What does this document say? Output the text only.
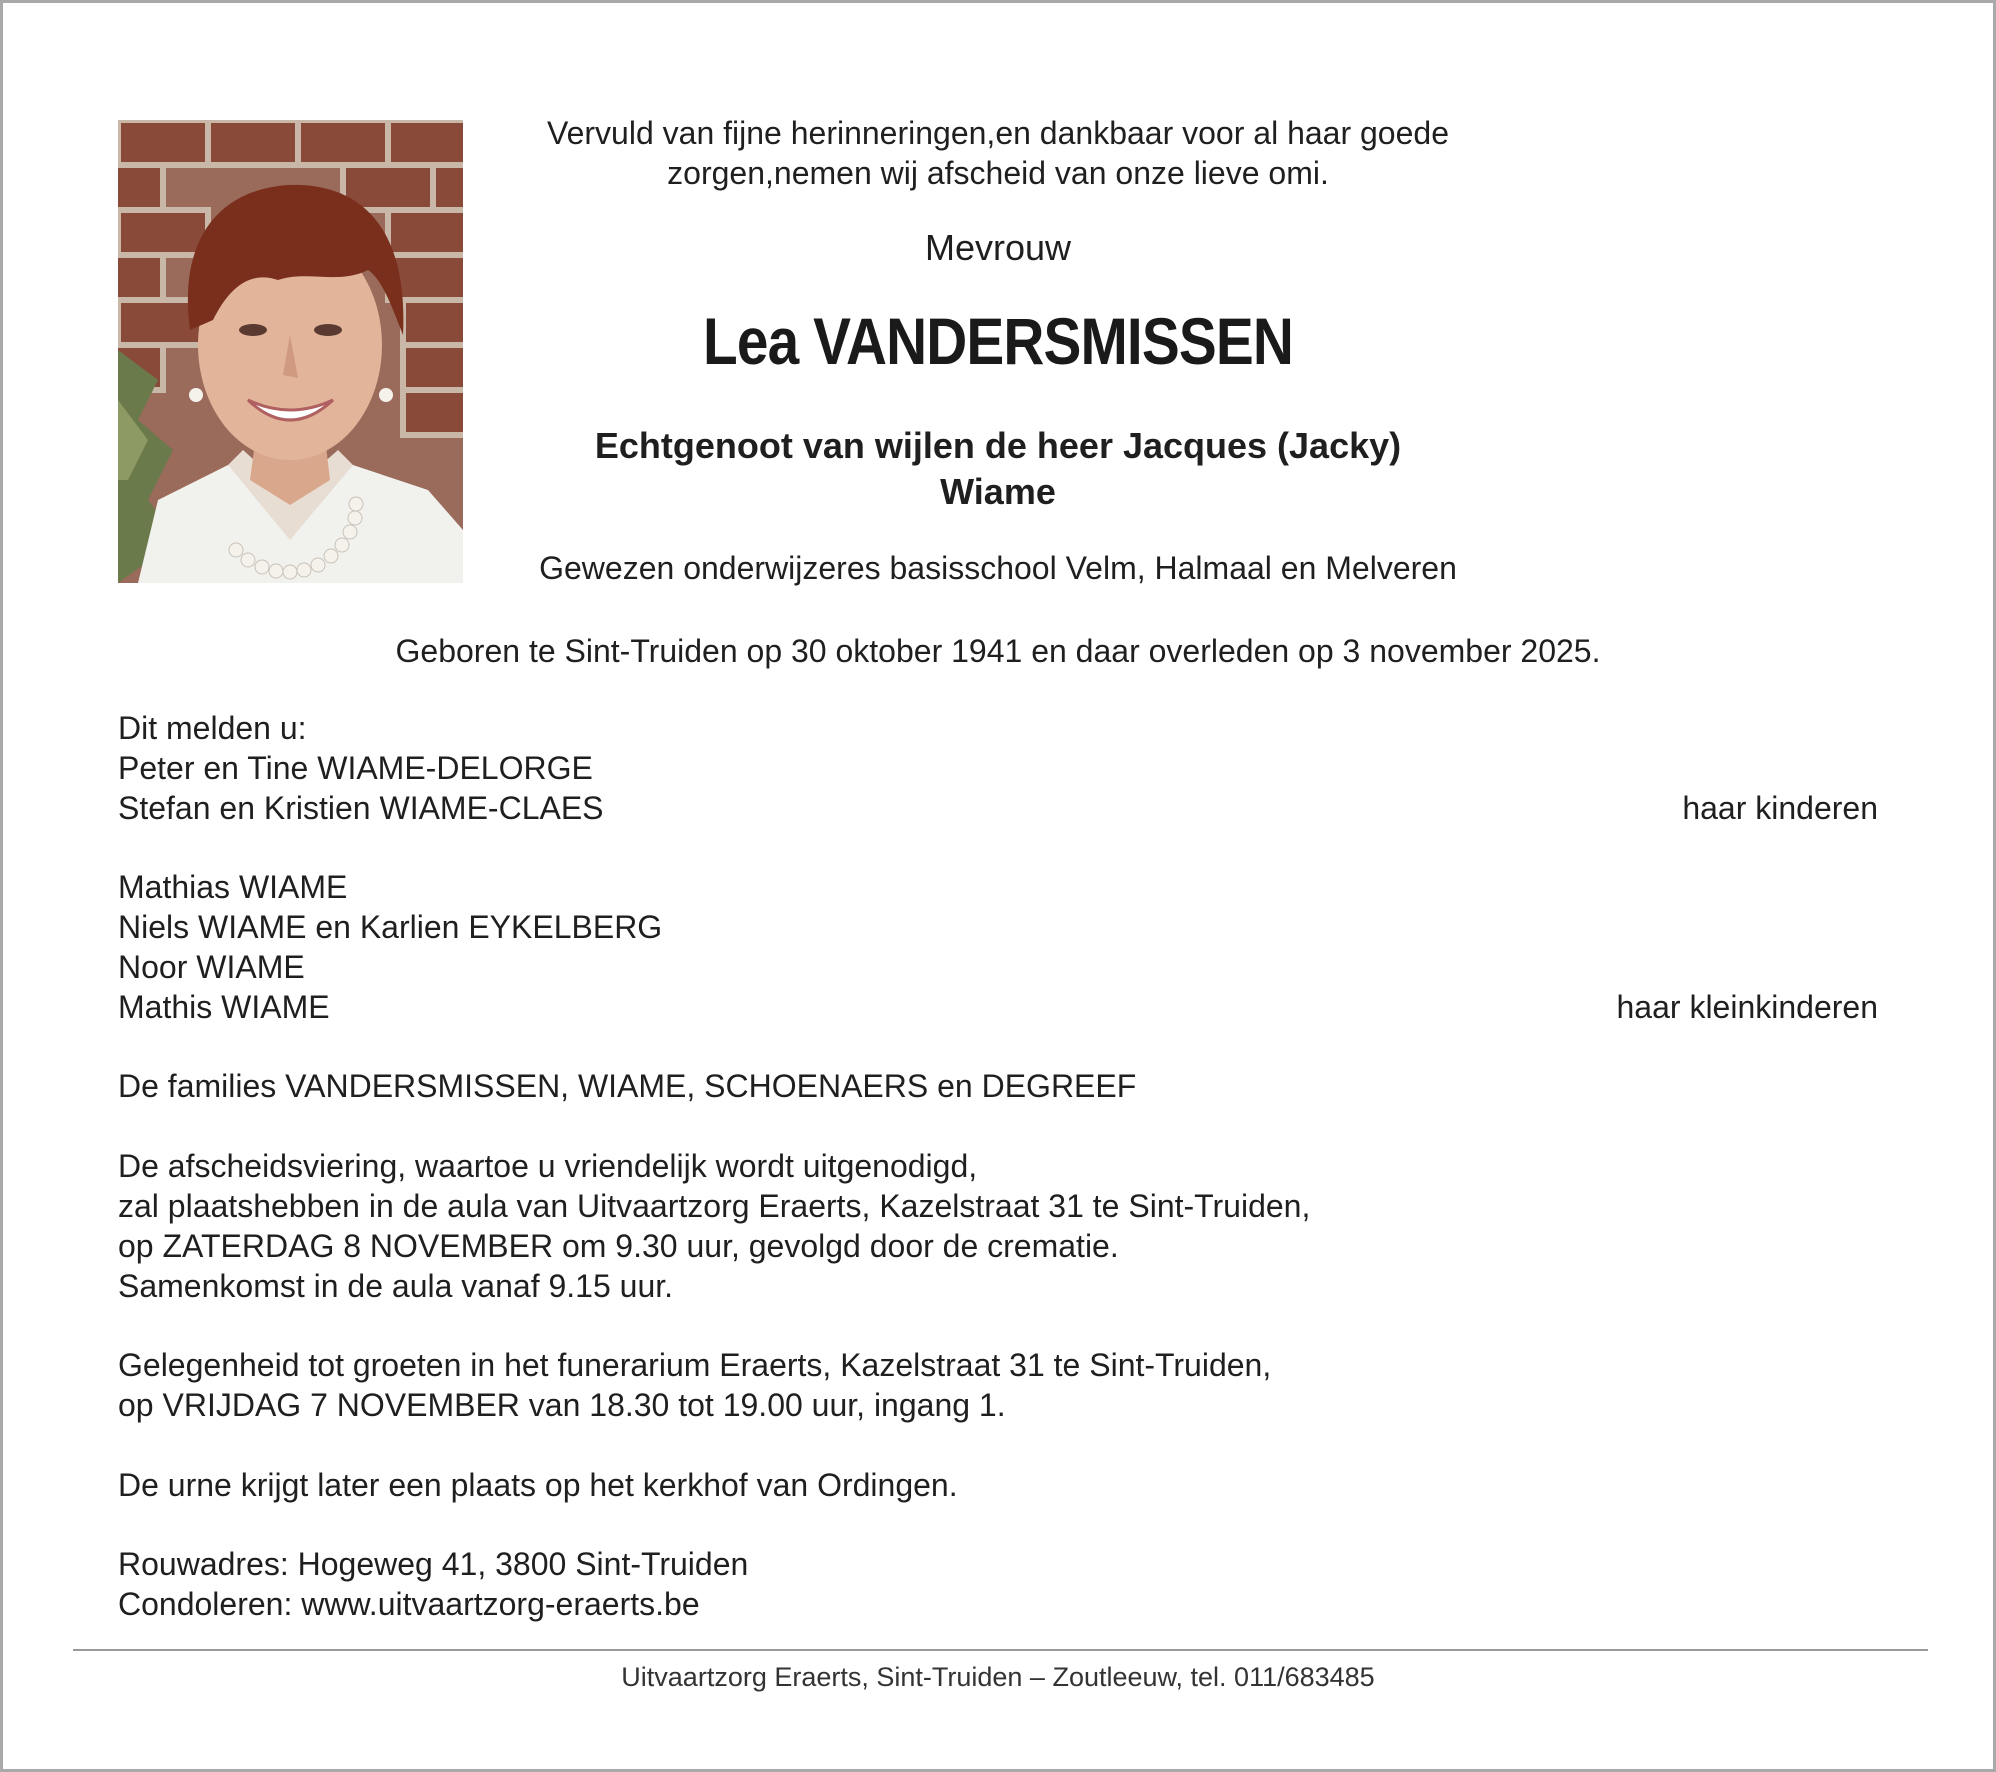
Vervuld van fijne herinneringen,en dankbaar voor al haar goede
zorgen,nemen wij afscheid van onze lieve omi.
Mevrouw
Lea VANDERSMISSEN
Echtgenoot van wijlen de heer Jacques (Jacky)
Wiame
Gewezen onderwijzeres basisschool Velm, Halmaal en Melveren
Geboren te Sint-Truiden op 30 oktober 1941 en daar overleden op 3 november 2025.
Dit melden u:
Peter en Tine WIAME-DELORGE
Stefan en Kristien WIAME-CLAES	haar kinderen
Mathias WIAME
Niels WIAME en Karlien EYKELBERG
Noor WIAME
Mathis WIAME	haar kleinkinderen
De families VANDERSMISSEN, WIAME, SCHOENAERS en DEGREEF
De afscheidsviering, waartoe u vriendelijk wordt uitgenodigd,
zal plaatshebben in de aula van Uitvaartzorg Eraerts, Kazelstraat 31 te Sint-Truiden,
op ZATERDAG 8 NOVEMBER om 9.30 uur, gevolgd door de crematie.
Samenkomst in de aula vanaf 9.15 uur.
Gelegenheid tot groeten in het funerarium Eraerts, Kazelstraat 31 te Sint-Truiden,
op VRIJDAG 7 NOVEMBER van 18.30 tot 19.00 uur, ingang 1.
De urne krijgt later een plaats op het kerkhof van Ordingen.
Rouwadres: Hogeweg 41, 3800 Sint-Truiden
Condoleren: www.uitvaartzorg-eraerts.be
Uitvaartzorg Eraerts, Sint-Truiden – Zoutleeuw, tel. 011/683485
